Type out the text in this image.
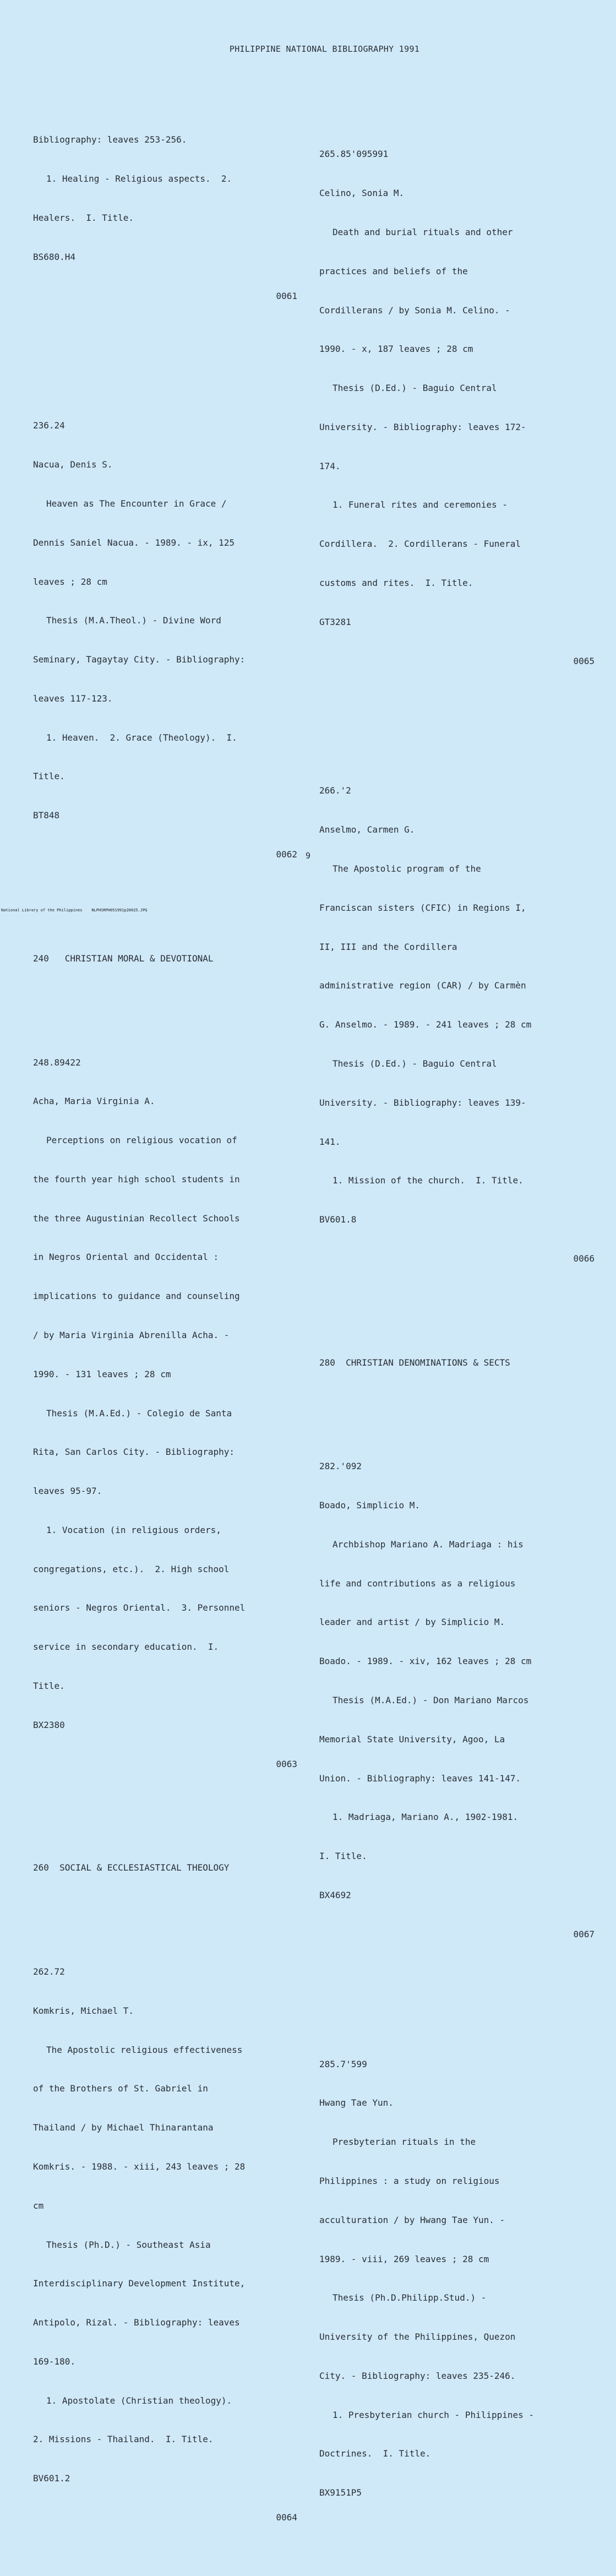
PHILIPPINE NATIONAL BIBLIOGRAPHY 1991

Bibliography: leaves 253-256.

1. Healing - Religious aspects.  2.

Healers.  I. Title.

BS680.H4

0061

236.24

Nacua, Denis S.

Heaven as The Encounter in Grace /

Dennis Saniel Nacua. - 1989. - ix, 125

leaves ; 28 cm

Thesis (M.A.Theol.) - Divine Word

Seminary, Tagaytay City. - Bibliography:

leaves 117-123.

1. Heaven.  2. Grace (Theology).  I.

Title.

BT848

0062

240   CHRISTIAN MORAL & DEVOTIONAL

248.89422

Acha, Maria Virginia A.

Perceptions on religious vocation of

the fourth year high school students in

the three Augustinian Recollect Schools

in Negros Oriental and Occidental :

implications to guidance and counseling

/ by Maria Virginia Abrenilla Acha. -

1990. - 131 leaves ; 28 cm

Thesis (M.A.Ed.) - Colegio de Santa

Rita, San Carlos City. - Bibliography:

leaves 95-97.

1. Vocation (in religious orders,

congregations, etc.).  2. High school

seniors - Negros Oriental.  3. Personnel

service in secondary education.  I.

Title.

BX2380

0063

260  SOCIAL & ECCLESIASTICAL THEOLOGY

262.72

Komkris, Michael T.

The Apostolic religious effectiveness

of the Brothers of St. Gabriel in

Thailand / by Michael Thinarantana

Komkris. - 1988. - xiii, 243 leaves ; 28

cm

Thesis (Ph.D.) - Southeast Asia

Interdisciplinary Development Institute,

Antipolo, Rizal. - Bibliography: leaves

169-180.

1. Apostolate (Christian theology).

2. Missions - Thailand.  I. Title.

BV601.2

0064

265.85'095991

Celino, Sonia M.

Death and burial rituals and other

practices and beliefs of the

Cordillerans / by Sonia M. Celino. -

1990. - x, 187 leaves ; 28 cm

Thesis (D.Ed.) - Baguio Central

University. - Bibliography: leaves 172-

174.

1. Funeral rites and ceremonies -

Cordillera.  2. Cordillerans - Funeral

customs and rites.  I. Title.

GT3281

0065

266.'2

Anselmo, Carmen G.

The Apostolic program of the

Franciscan sisters (CFIC) in Regions I,

II, III and the Cordillera

administrative region (CAR) / by Carmèn

G. Anselmo. - 1989. - 241 leaves ; 28 cm

Thesis (D.Ed.) - Baguio Central

University. - Bibliography: leaves 139-

141.

1. Mission of the church.  I. Title.

BV601.8

0066

280  CHRISTIAN DENOMINATIONS & SECTS

282.'092

Boado, Simplicio M.

Archbishop Mariano A. Madriaga : his

life and contributions as a religious

leader and artist / by Simplicio M.

Boado. - 1989. - xiv, 162 leaves ; 28 cm

Thesis (M.A.Ed.) - Don Mariano Marcos

Memorial State University, Agoo, La

Union. - Bibliography: leaves 141-147.

1. Madriaga, Mariano A., 1902-1981.

I. Title.

BX4692

0067

285.7'599

Hwang Tae Yun.

Presbyterian rituals in the

Philippines : a study on religious

acculturation / by Hwang Tae Yun. -

1989. - viii, 269 leaves ; 28 cm

Thesis (Ph.D.Philipp.Stud.) -

University of the Philippines, Quezon

City. - Bibliography: leaves 235-246.

1. Presbyterian church - Philippines -

Doctrines.  I. Title.

BX9151P5

9
National Library of the Philippines    NLPHSRPH051991p20025.JPG
